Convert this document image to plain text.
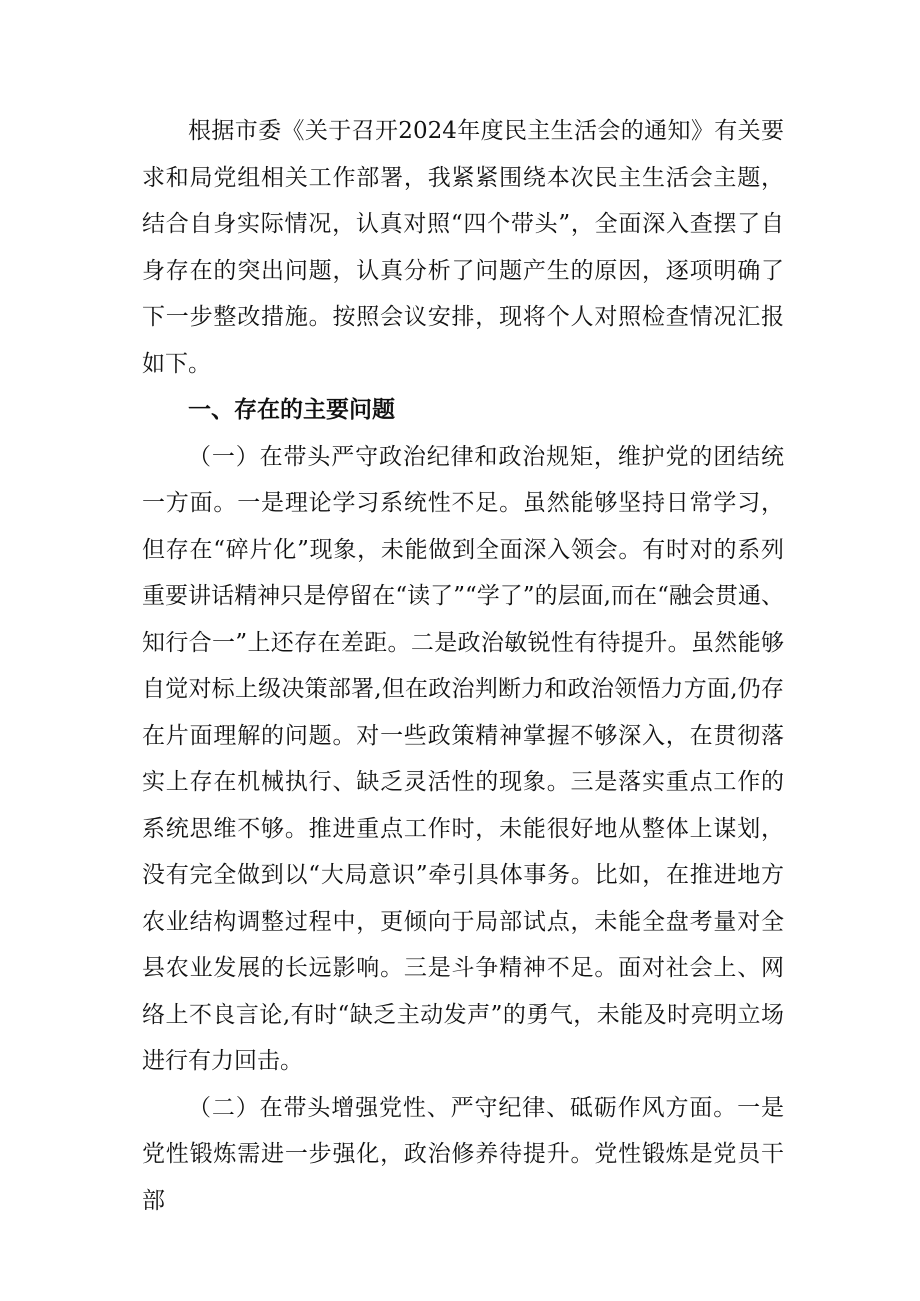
根据市委《关于召开2024年度民主生活会的通知》有关要求和局党组相关工作部署，我紧紧围绕本次民主生活会主题，结合自身实际情况，认真对照“四个带头”，全面深入查摆了自身存在的突出问题，认真分析了问题产生的原因，逐项明确了下一步整改措施。按照会议安排，现将个人对照检查情况汇报如下。

一、存在的主要问题

（一）在带头严守政治纪律和政治规矩，维护党的团结统一方面。一是理论学习系统性不足。虽然能够坚持日常学习，但存在“碎片化”现象，未能做到全面深入领会。有时对的系列重要讲话精神只是停留在“读了”“学了”的层面,而在“融会贯通、知行合一”上还存在差距。二是政治敏锐性有待提升。虽然能够自觉对标上级决策部署,但在政治判断力和政治领悟力方面,仍存在片面理解的问题。对一些政策精神掌握不够深入，在贯彻落实上存在机械执行、缺乏灵活性的现象。三是落实重点工作的系统思维不够。推进重点工作时，未能很好地从整体上谋划，没有完全做到以“大局意识”牵引具体事务。比如，在推进地方农业结构调整过程中，更倾向于局部试点，未能全盘考量对全县农业发展的长远影响。三是斗争精神不足。面对社会上、网络上不良言论,有时“缺乏主动发声”的勇气，未能及时亮明立场进行有力回击。

（二）在带头增强党性、严守纪律、砥砺作风方面。一是党性锻炼需进一步强化，政治修养待提升。党性锻炼是党员干部
